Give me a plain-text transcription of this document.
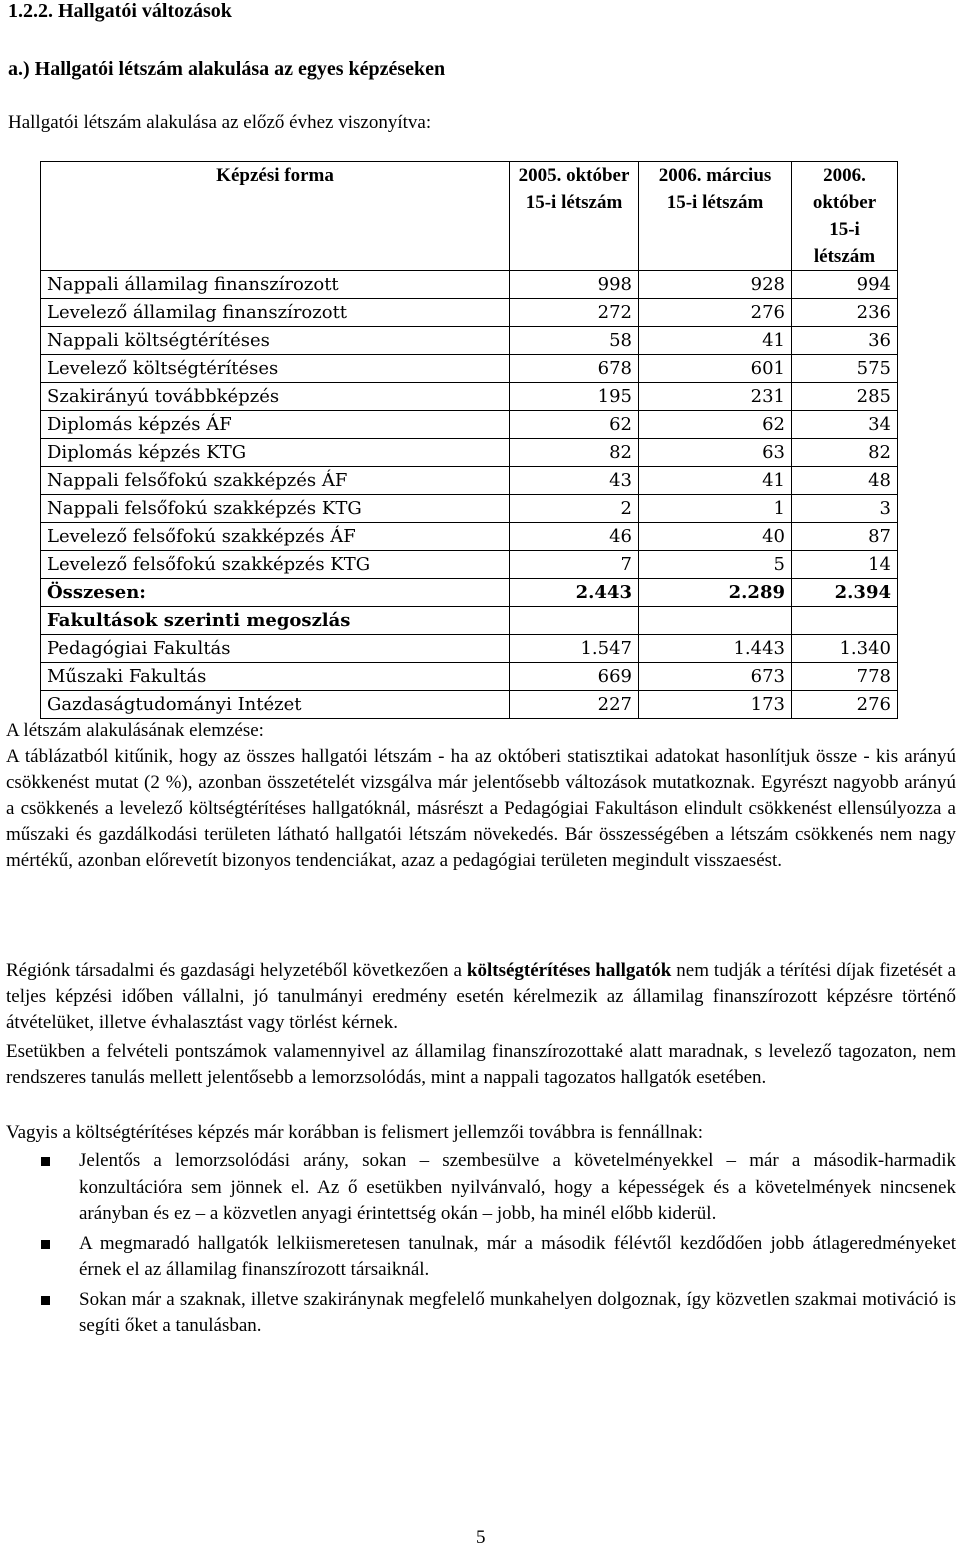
1.2.2. Hallgatói változások
a.) Hallgatói létszám alakulása az egyes képzéseken

Hallgatói létszám alakulása az előző évhez viszonyítva:

Képzési forma	2005. október 15-i létszám	2006. március 15-i létszám	2006. október 15-i létszám
Nappali államilag finanszírozott	998	928	994
Levelező államilag finanszírozott	272	276	236
Nappali költségtérítéses	58	41	36
Levelező költségtérítéses	678	601	575
Szakirányú továbbképzés	195	231	285
Diplomás képzés ÁF	62	62	34
Diplomás képzés KTG	82	63	82
Nappali felsőfokú szakképzés ÁF	43	41	48
Nappali felsőfokú szakképzés KTG	2	1	3
Levelező felsőfokú szakképzés ÁF	46	40	87
Levelező felsőfokú szakképzés KTG	7	5	14
Összesen:	2.443	2.289	2.394
Fakultások szerinti megoszlás			
Pedagógiai Fakultás	1.547	1.443	1.340
Műszaki Fakultás	669	673	778
Gazdaságtudományi Intézet	227	173	276

A létszám alakulásának elemzése:

A táblázatból kitűnik, hogy az összes hallgatói létszám - ha az októberi statisztikai adatokat hasonlítjuk össze - kis arányú csökkenést mutat (2 %), azonban összetételét vizsgálva már jelentősebb változások mutatkoznak. Egyrészt nagyobb arányú a csökkenés a levelező költségtérítéses hallgatóknál, másrészt a Pedagógiai Fakultáson elindult csökkenést ellensúlyozza a műszaki és gazdálkodási területen látható hallgatói létszám növekedés. Bár összességében a létszám csökkenés nem nagy mértékű, azonban előrevetít bizonyos tendenciákat, azaz a pedagógiai területen megindult visszaesést.

Régiónk társadalmi és gazdasági helyzetéből következően a költségtérítéses hallgatók nem tudják a térítési díjak fizetését a teljes képzési időben vállalni, jó tanulmányi eredmény esetén kérelmezik az államilag finanszírozott képzésre történő átvételüket, illetve évhalasztást vagy törlést kérnek.

Esetükben a felvételi pontszámok valamennyivel az államilag finanszírozottaké alatt maradnak, s levelező tagozaton, nem rendszeres tanulás mellett jelentősebb a lemorzsolódás, mint a nappali tagozatos hallgatók esetében.

Vagyis a költségtérítéses képzés már korábban is felismert jellemzői továbbra is fennállnak:

Jelentős a lemorzsolódási arány, sokan – szembesülve a követelményekkel – már a második-harmadik konzultációra sem jönnek el. Az ő esetükben nyilvánvaló, hogy a képességek és a követelmények nincsenek arányban és ez – a közvetlen anyagi érintettség okán – jobb, ha minél előbb kiderül.
A megmaradó hallgatók lelkiismeretesen tanulnak, már a második félévtől kezdődően jobb átlageredményeket érnek el az államilag finanszírozott társaiknál.
Sokan már a szaknak, illetve szakiránynak megfelelő munkahelyen dolgoznak, így közvetlen szakmai motiváció is segíti őket a tanulásban.
5
